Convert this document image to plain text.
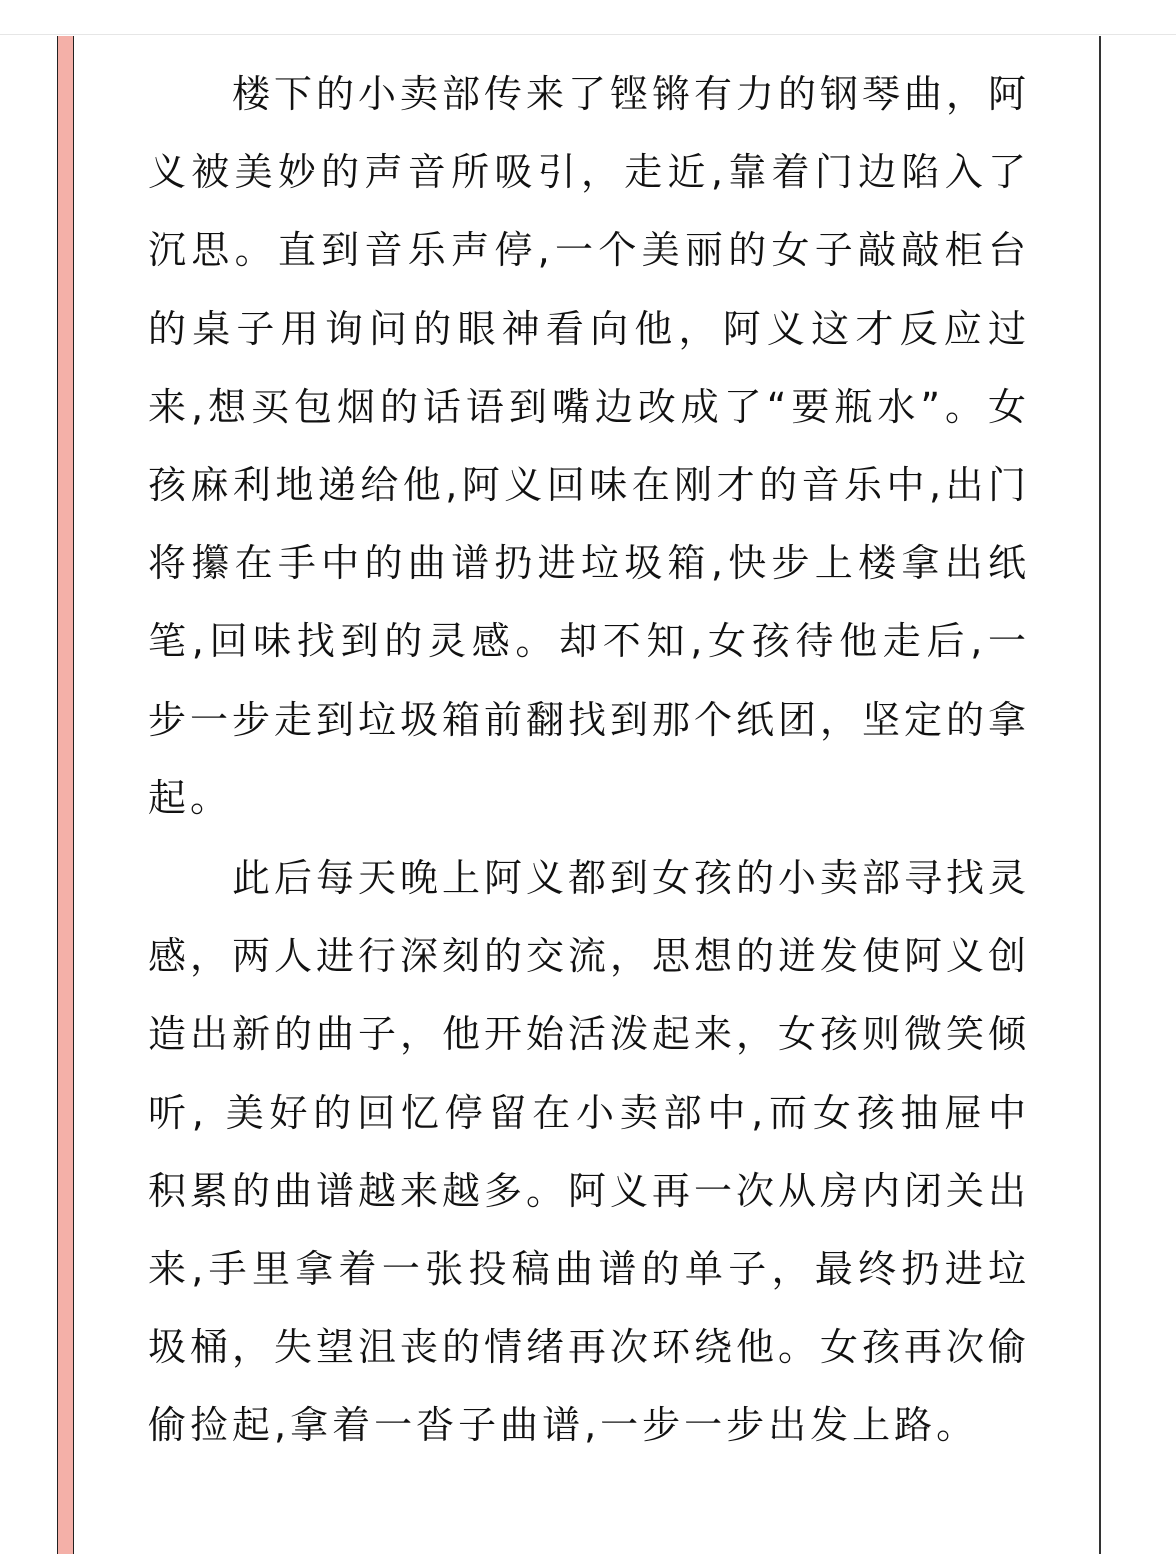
楼下的小卖部传来了铿锵有力的钢琴曲，阿义被美妙的声音所吸引，走近,靠着门边陷入了沉思。直到音乐声停,一个美丽的女子敲敲柜台的桌子用询问的眼神看向他，阿义这才反应过来,想买包烟的话语到嘴边改成了“要瓶水”。女孩麻利地递给他,阿义回味在刚才的音乐中,出门将攥在手中的曲谱扔进垃圾箱,快步上楼拿出纸笔,回味找到的灵感。却不知,女孩待他走后,一步一步走到垃圾箱前翻找到那个纸团，坚定的拿起。

此后每天晚上阿义都到女孩的小卖部寻找灵感，两人进行深刻的交流，思想的迸发使阿义创造出新的曲子，他开始活泼起来，女孩则微笑倾听, 美好的回忆停留在小卖部中,而女孩抽屉中积累的曲谱越来越多。阿义再一次从房内闭关出来,手里拿着一张投稿曲谱的单子，最终扔进垃圾桶，失望沮丧的情绪再次环绕他。女孩再次偷偷捡起,拿着一沓子曲谱,一步一步出发上路。
